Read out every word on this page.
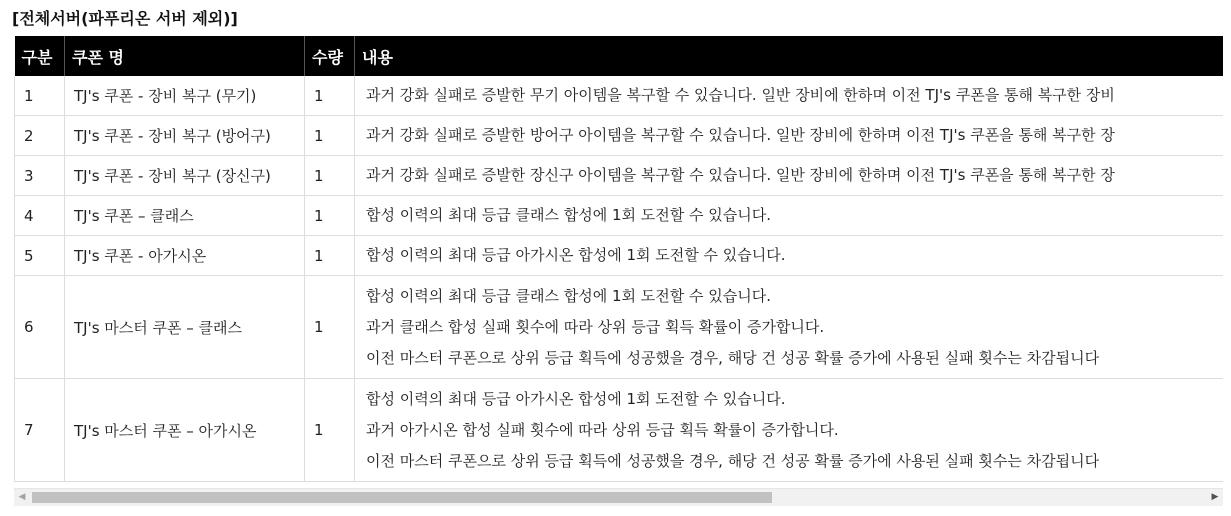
[전체서버(파푸리온 서버 제외)]
구분	쿠폰 명	수량	내용
1	TJ's 쿠폰 - 장비 복구 (무기)	1	과거 강화 실패로 증발한 무기 아이템을 복구할 수 있습니다. 일반 장비에 한하며 이전 TJ's 쿠폰을 통해 복구한 장비

2	TJ's 쿠폰 - 장비 복구 (방어구)	1	과거 강화 실패로 증발한 방어구 아이템을 복구할 수 있습니다. 일반 장비에 한하며 이전 TJ's 쿠폰을 통해 복구한 장

3	TJ's 쿠폰 - 장비 복구 (장신구)	1	과거 강화 실패로 증발한 장신구 아이템을 복구할 수 있습니다. 일반 장비에 한하며 이전 TJ's 쿠폰을 통해 복구한 장

4	TJ's 쿠폰 – 클래스	1	합성 이력의 최대 등급 클래스 합성에 1회 도전할 수 있습니다.

5	TJ's 쿠폰 - 아가시온	1	합성 이력의 최대 등급 아가시온 합성에 1회 도전할 수 있습니다.

6	TJ's 마스터 쿠폰 – 클래스	1	합성 이력의 최대 등급 클래스 합성에 1회 도전할 수 있습니다.
과거 클래스 합성 실패 횟수에 따라 상위 등급 획득 확률이 증가합니다.
이전 마스터 쿠폰으로 상위 등급 획득에 성공했을 경우, 해당 건 성공 확률 증가에 사용된 실패 횟수는 차감됩니다

7	TJ's 마스터 쿠폰 – 아가시온	1	합성 이력의 최대 등급 아가시온 합성에 1회 도전할 수 있습니다.
과거 아가시온 합성 실패 횟수에 따라 상위 등급 획득 확률이 증가합니다.
이전 마스터 쿠폰으로 상위 등급 획득에 성공했을 경우, 해당 건 성공 확률 증가에 사용된 실패 횟수는 차감됩니다
◀	▶
